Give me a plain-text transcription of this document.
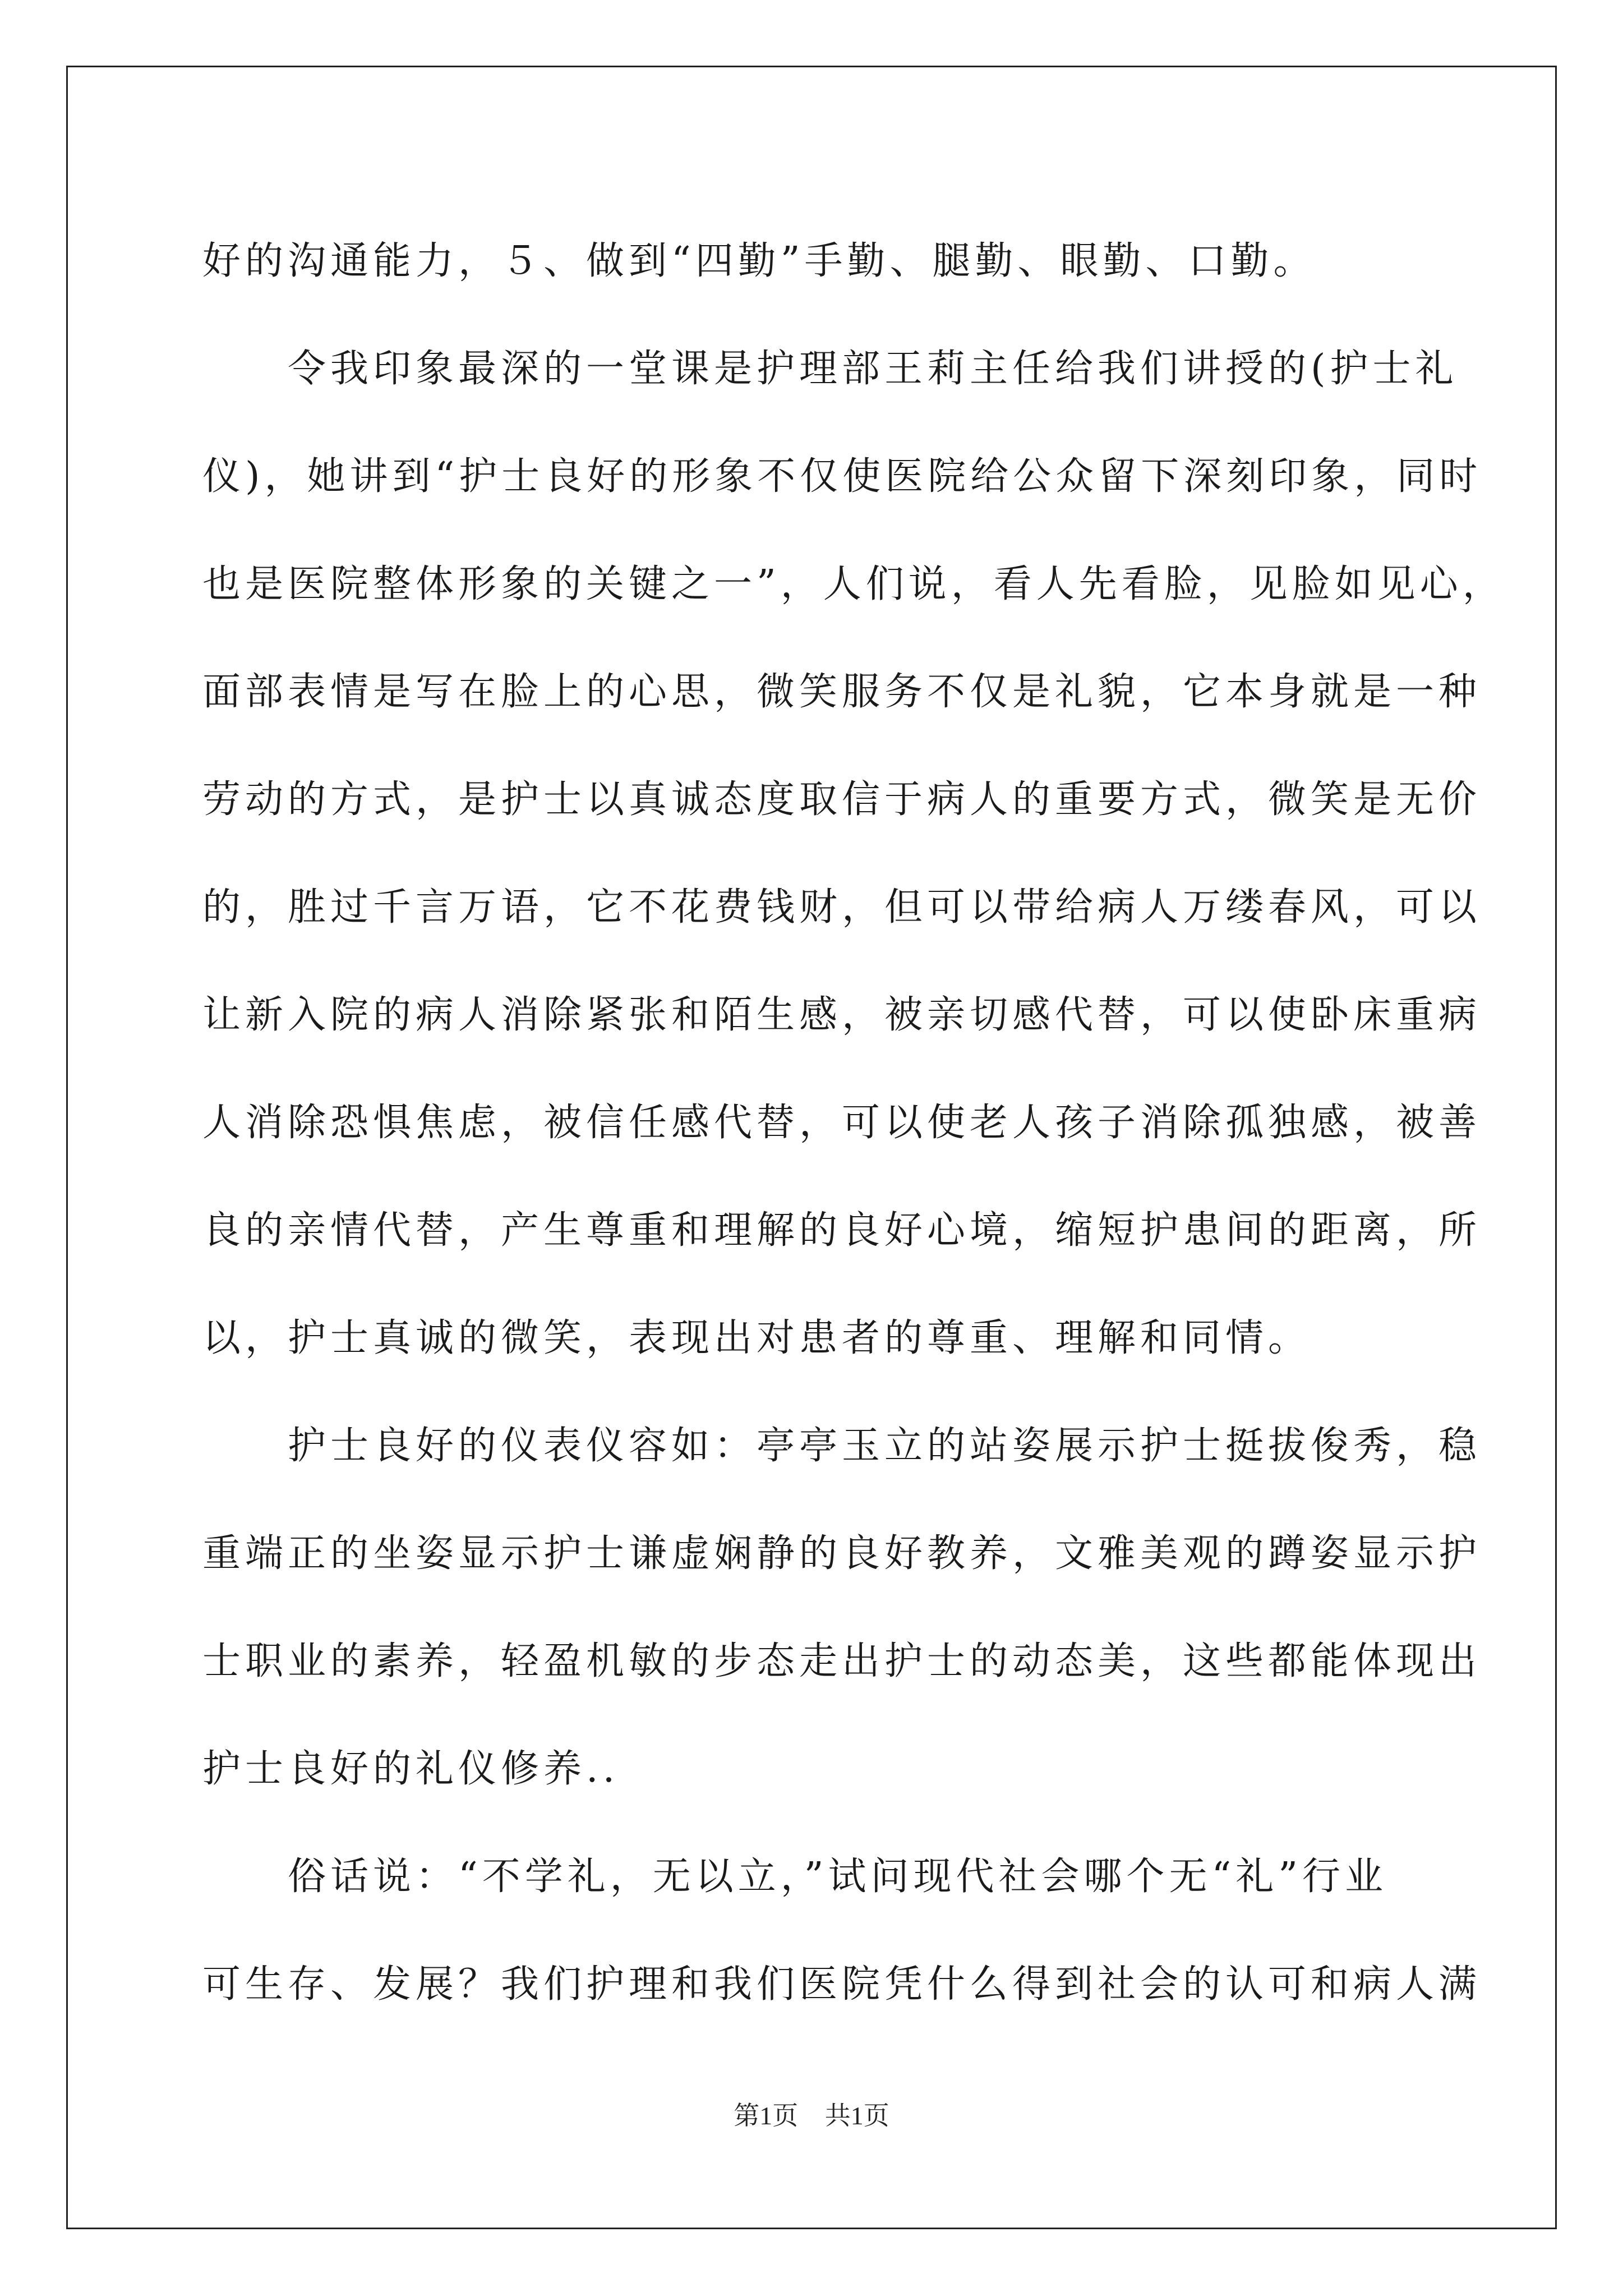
好的沟通能力，５、做到“四勤”手勤、腿勤、眼勤、口勤。
　　令我印象最深的一堂课是护理部王莉主任给我们讲授的(护士礼
仪)，她讲到“护士良好的形象不仅使医院给公众留下深刻印象，同时
也是医院整体形象的关键之一”，人们说，看人先看脸，见脸如见心，
面部表情是写在脸上的心思，微笑服务不仅是礼貌，它本身就是一种
劳动的方式，是护士以真诚态度取信于病人的重要方式，微笑是无价
的，胜过千言万语，它不花费钱财，但可以带给病人万缕春风，可以
让新入院的病人消除紧张和陌生感，被亲切感代替，可以使卧床重病
人消除恐惧焦虑，被信任感代替，可以使老人孩子消除孤独感，被善
良的亲情代替，产生尊重和理解的良好心境，缩短护患间的距离，所
以，护士真诚的微笑，表现出对患者的尊重、理解和同情。
　　护士良好的仪表仪容如：亭亭玉立的站姿展示护士挺拔俊秀，稳
重端正的坐姿显示护士谦虚娴静的良好教养，文雅美观的蹲姿显示护
士职业的素养，轻盈机敏的步态走出护士的动态美，这些都能体现出
护士良好的礼仪修养..
　　俗话说：“不学礼，无以立，”试问现代社会哪个无“礼”行业
可生存、发展？我们护理和我们医院凭什么得到社会的认可和病人满
第1页 共1页
